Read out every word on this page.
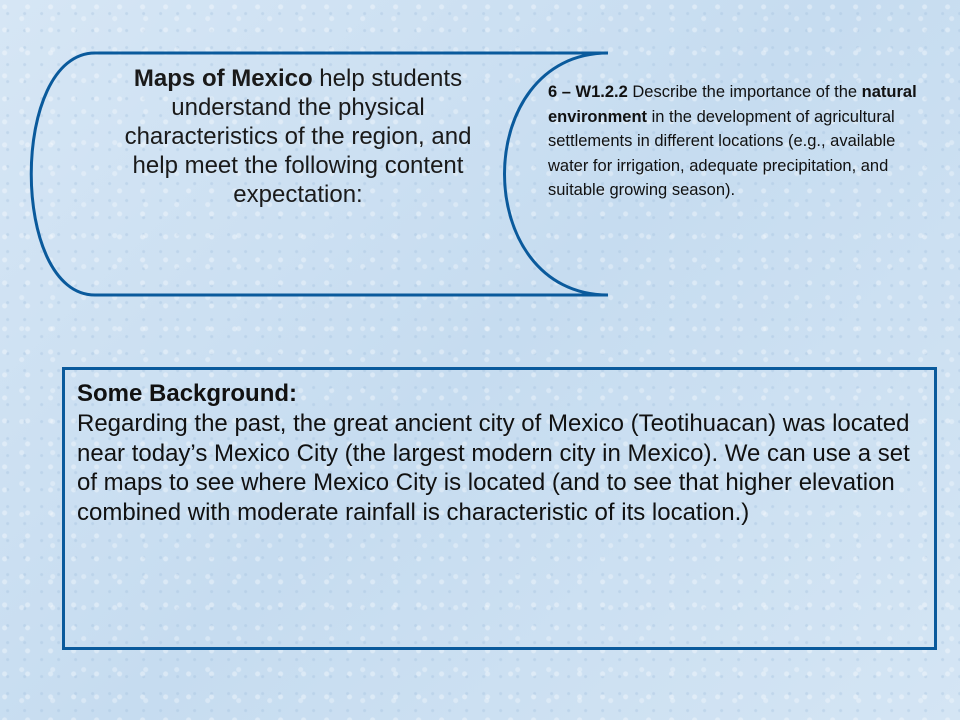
Maps of Mexico help students understand the physical characteristics of the region, and help meet the following content expectation:
6 – W1.2.2 Describe the importance of the natural environment in the development of agricultural settlements in different locations (e.g., available water for irrigation, adequate precipitation, and suitable growing season).
Some Background:
Regarding the past, the great ancient city of Mexico (Teotihuacan) was located near today’s Mexico City (the largest modern city in Mexico). We can use a set of maps to see where Mexico City is located (and to see that higher elevation combined with moderate rainfall is characteristic of its location.)
